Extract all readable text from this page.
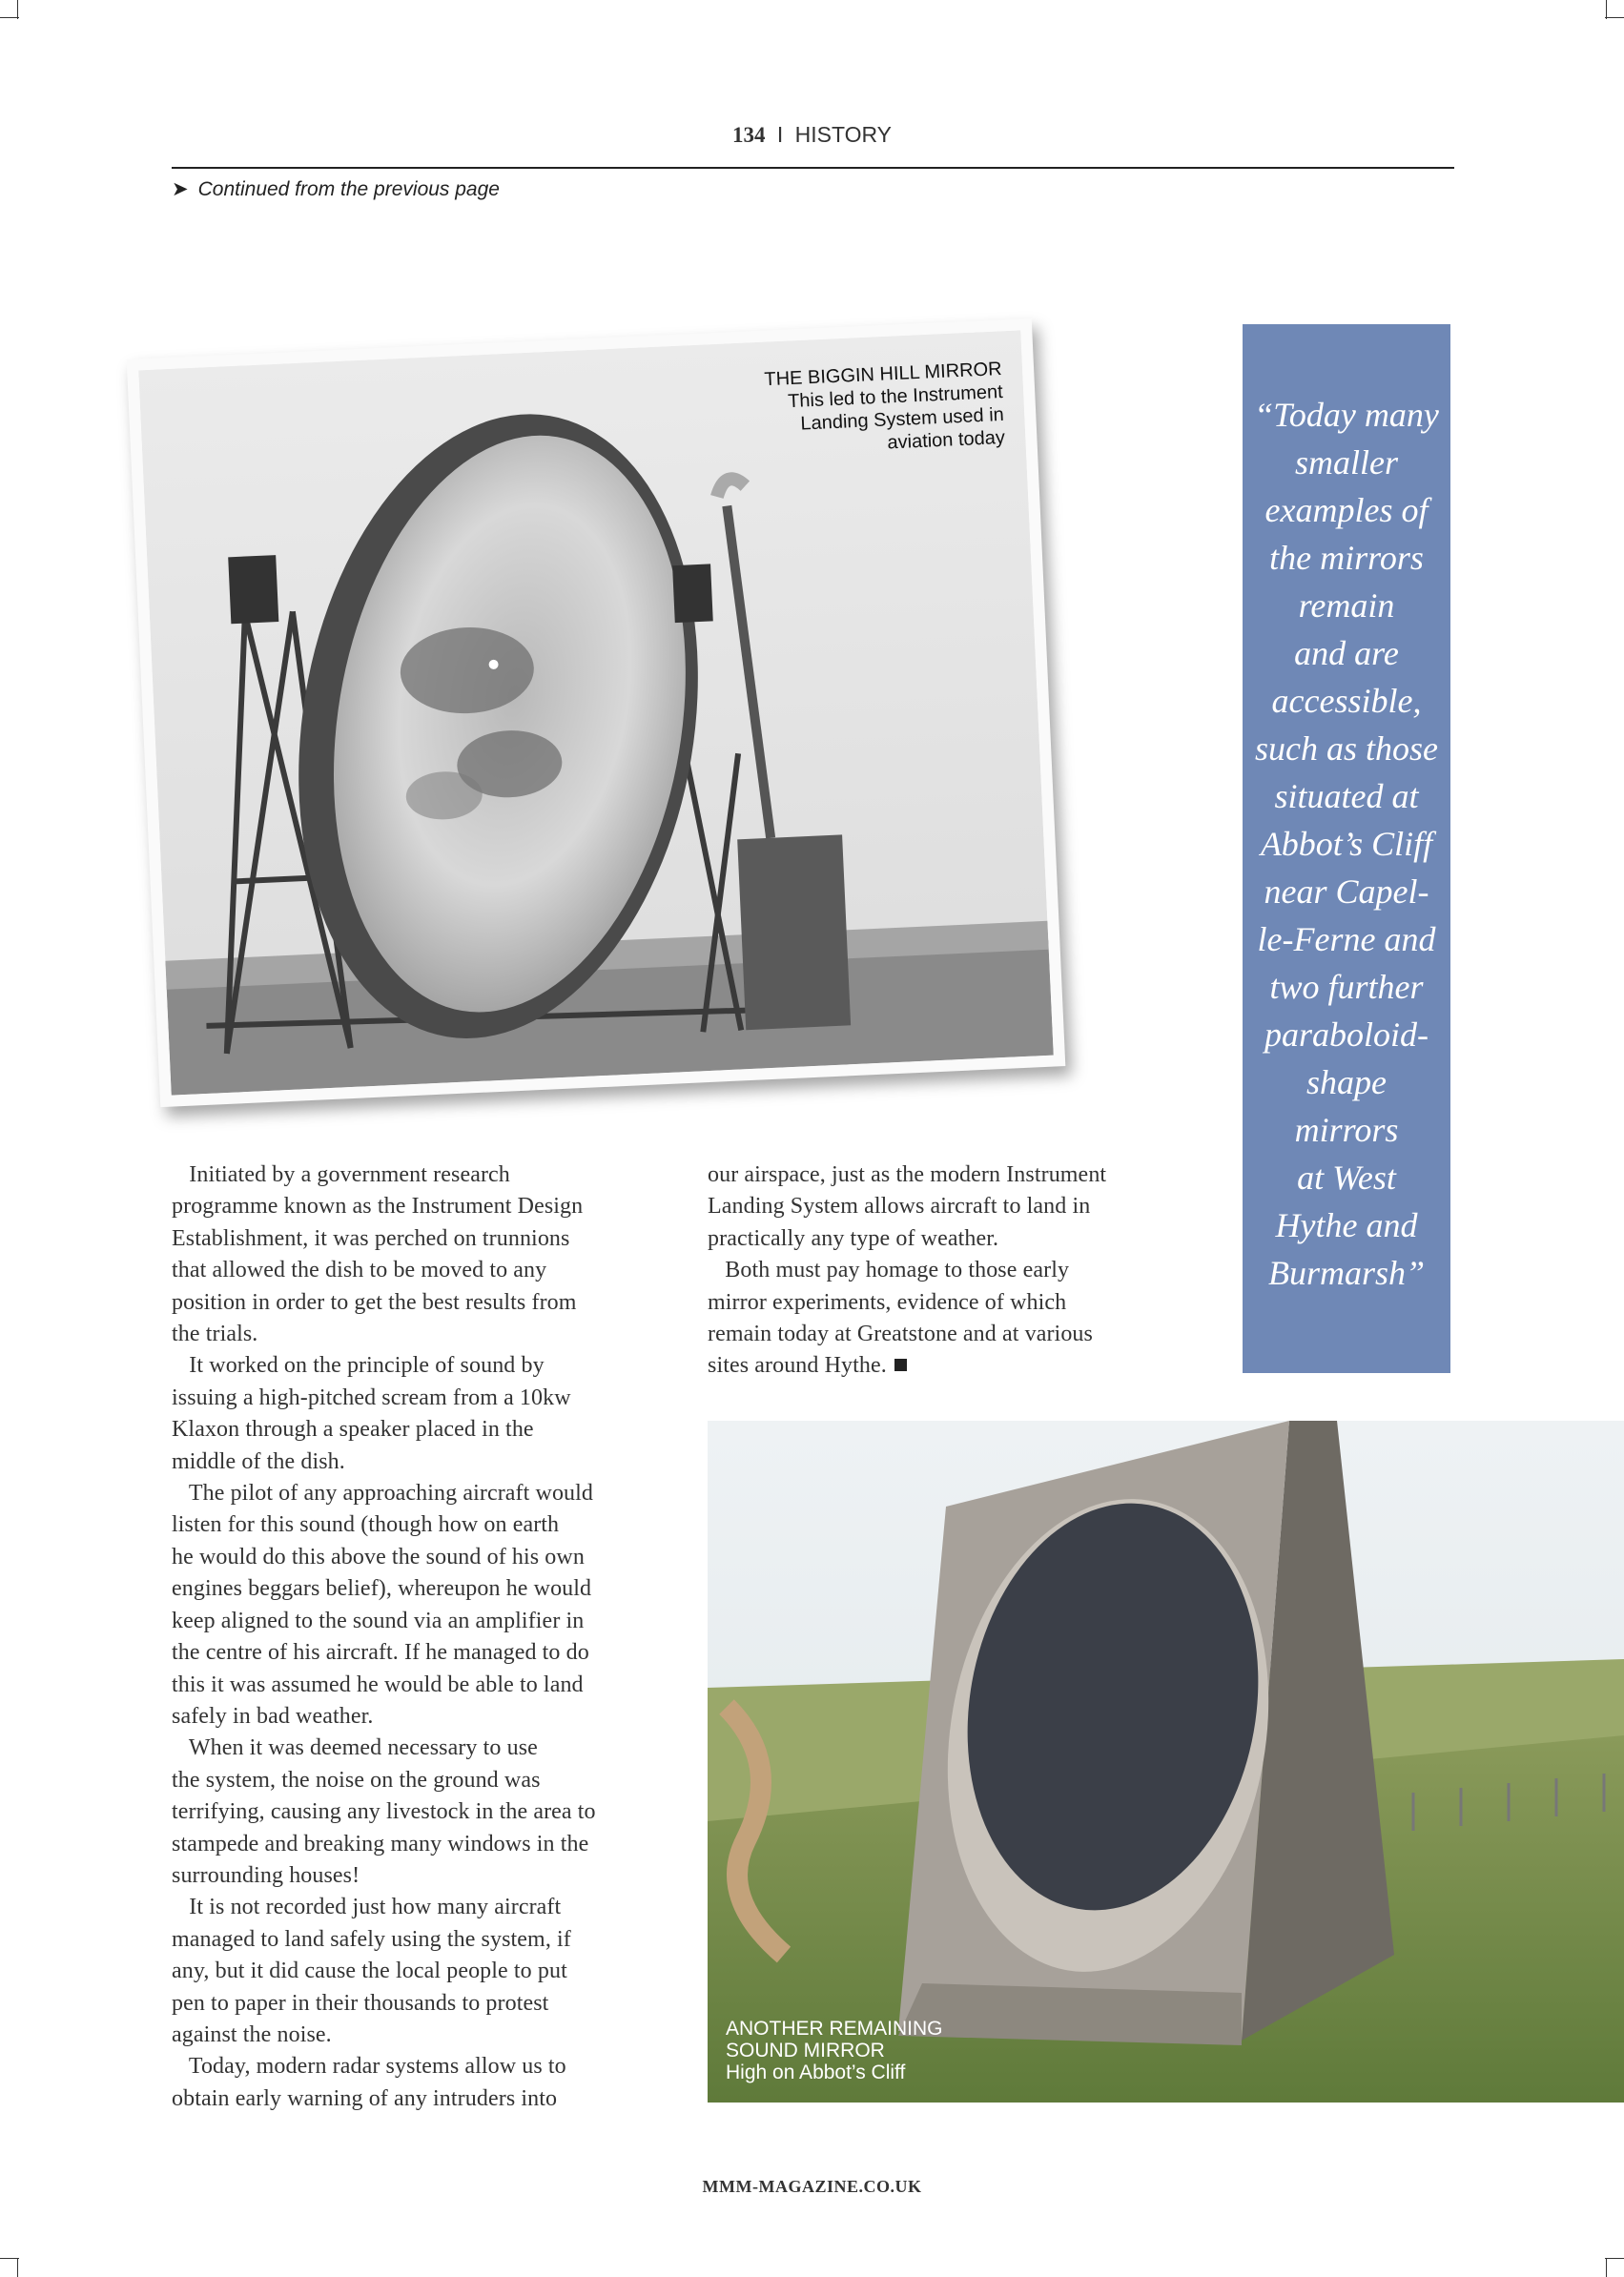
134 I HISTORY
➤ Continued from the previous page
THE BIGGIN HILL MIRROR
This led to the Instrument
Landing System used in
aviation today
“Today many
smaller
examples of
the mirrors
remain
and are
accessible,
such as those
situated at
Abbot’s Cliff
near Capel-
le-Ferne and
two further
paraboloid-
shape
mirrors
at West
Hythe and
Burmarsh”
Initiated by a government research
programme known as the Instrument Design
Establishment, it was perched on trunnions
that allowed the dish to be moved to any
position in order to get the best results from
the trials.
It worked on the principle of sound by
issuing a high-pitched scream from a 10kw
Klaxon through a speaker placed in the
middle of the dish.
The pilot of any approaching aircraft would
listen for this sound (though how on earth
he would do this above the sound of his own
engines beggars belief), whereupon he would
keep aligned to the sound via an amplifier in
the centre of his aircraft. If he managed to do
this it was assumed he would be able to land
safely in bad weather.
When it was deemed necessary to use
the system, the noise on the ground was
terrifying, causing any livestock in the area to
stampede and breaking many windows in the
surrounding houses!
It is not recorded just how many aircraft
managed to land safely using the system, if
any, but it did cause the local people to put
pen to paper in their thousands to protest
against the noise.
Today, modern radar systems allow us to
obtain early warning of any intruders into
our airspace, just as the modern Instrument
Landing System allows aircraft to land in
practically any type of weather.
Both must pay homage to those early
mirror experiments, evidence of which
remain today at Greatstone and at various
sites around Hythe.
ANOTHER REMAINING
SOUND MIRROR
High on Abbot’s Cliff
MMM-MAGAZINE.CO.UK
